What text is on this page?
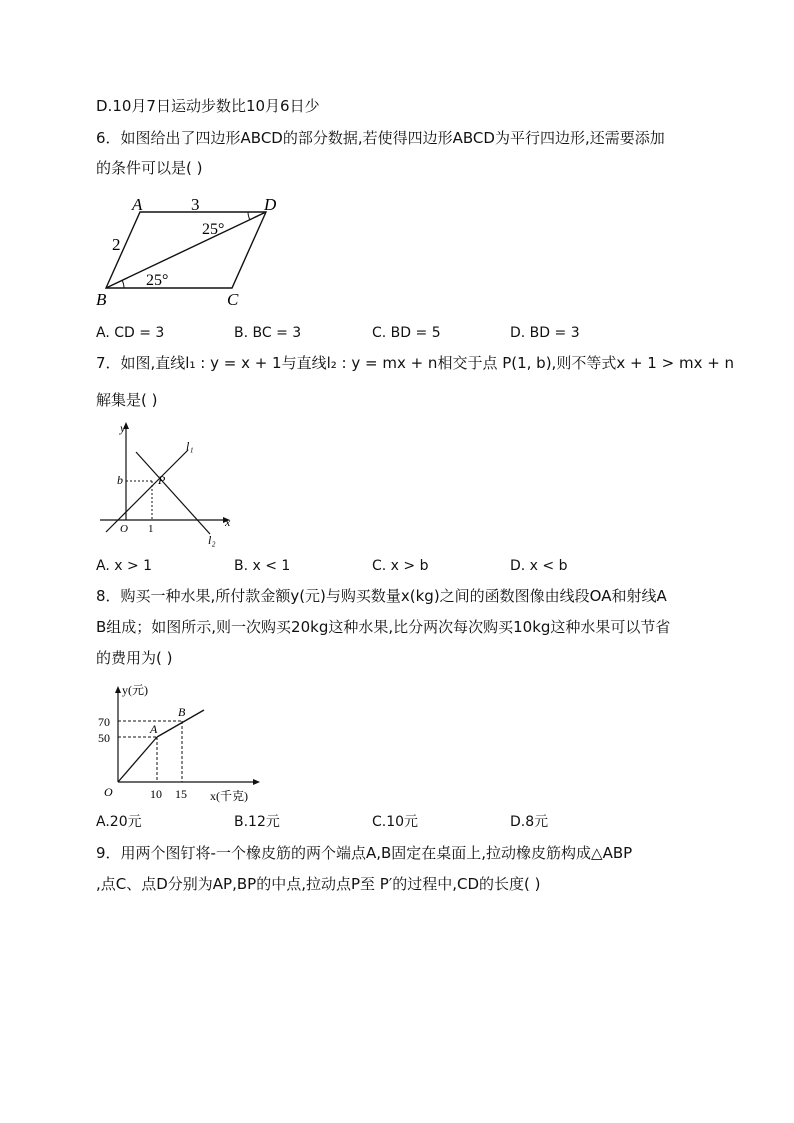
D.10月7日运动步数比10月6日少
6．如图给出了四边形ABCD的部分数据,若使得四边形ABCD为平行四边形,还需要添加
的条件可以是( )
A	D
B	C
3
2
25°
25°
A. CD = 3	B. BC = 3	C. BD = 5	D. BD = 3
7．如图,直线l₁ : y = x + 1与直线l₂ : y = mx + n相交于点 P(1, b),则不等式x + 1 > mx + n
解集是( )
y
x
O
b
1
P
l₁
l₂
A. x > 1	B. x < 1	C. x > b	D. x < b
8．购买一种水果,所付款金额y(元)与购买数量x(kg)之间的函数图像由线段OA和射线A
B组成；如图所示,则一次购买20kg这种水果,比分两次每次购买10kg这种水果可以节省
的费用为( )
y(元)
x(千克)
O
70
50
10 15
A
B
A.20元	B.12元	C.10元	D.8元
9．用两个图钉将-一个橡皮筋的两个端点A,B固定在桌面上,拉动橡皮筋构成△ABP
,点C、点D分别为AP,BP的中点,拉动点P至 P′的过程中,CD的长度( )
